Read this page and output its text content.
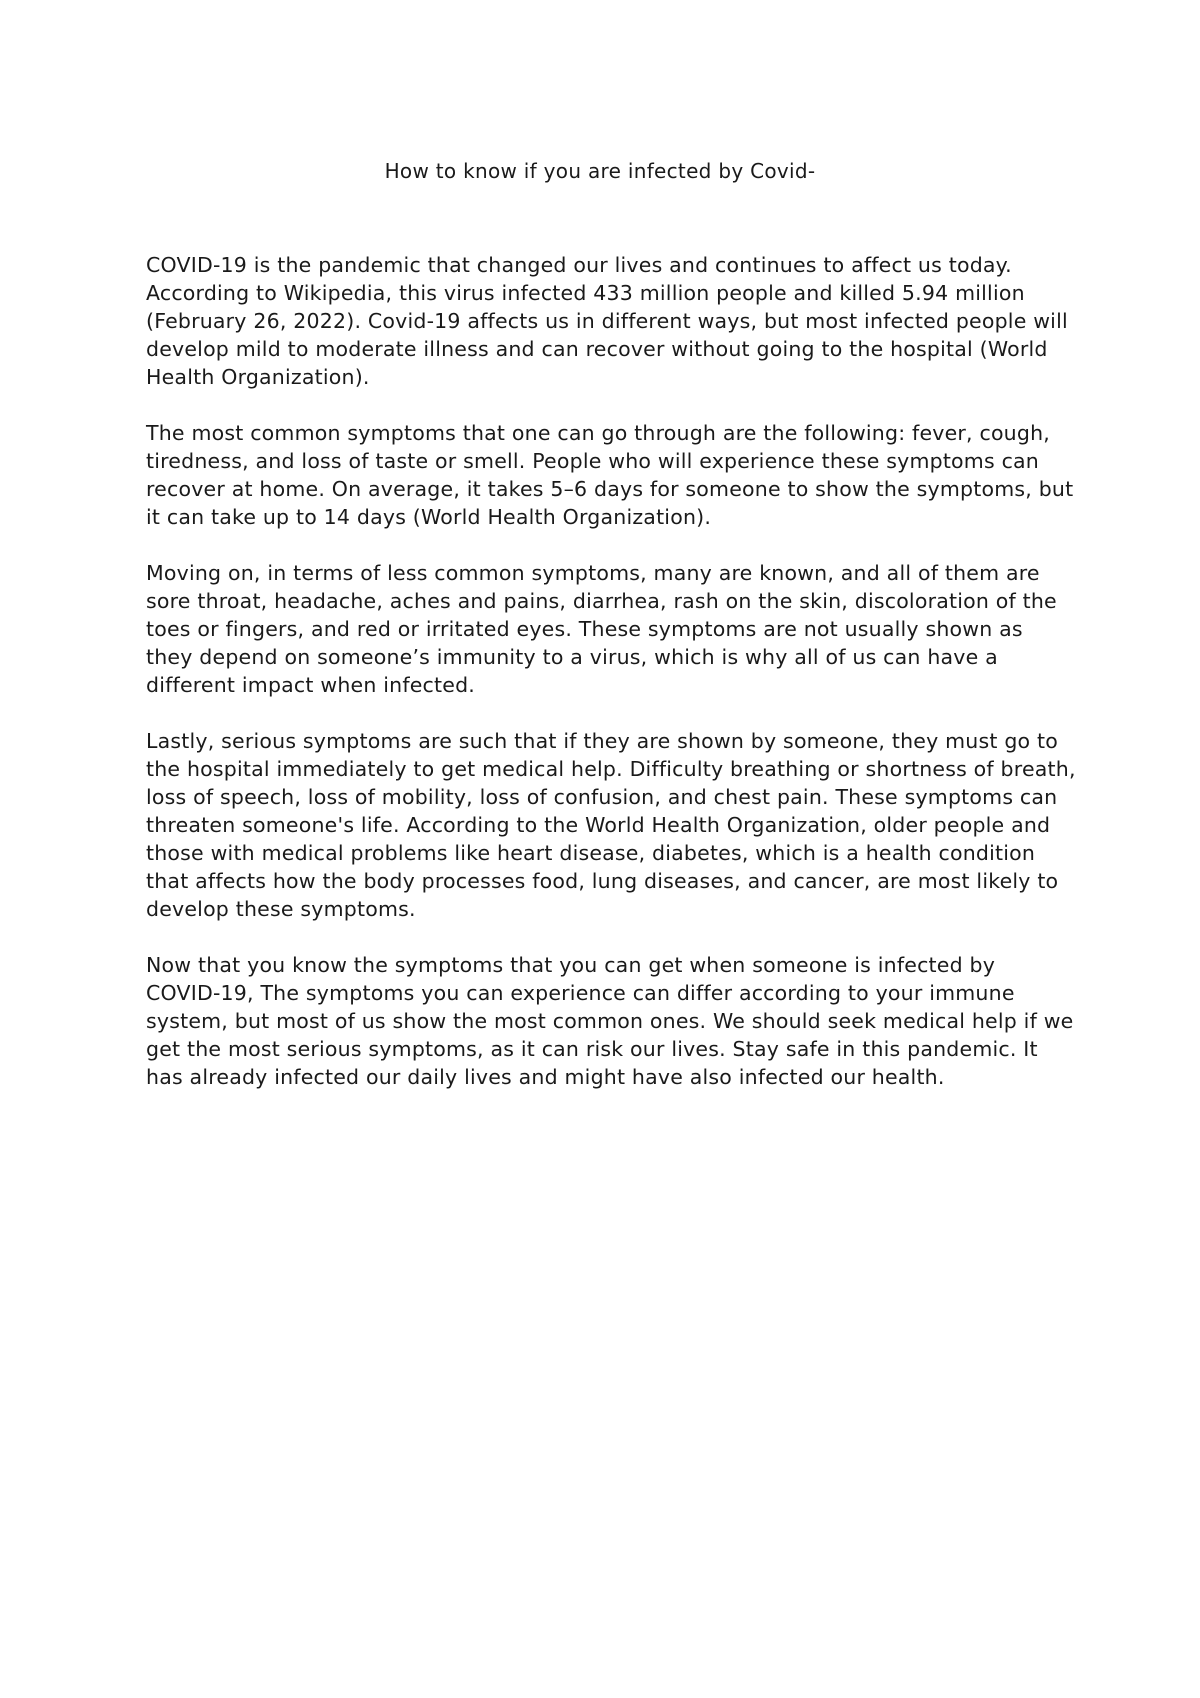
How to know if you are infected by Covid-

COVID-19 is the pandemic that changed our lives and continues to affect us today. According to Wikipedia, this virus infected 433 million people and killed 5.94 million (February 26, 2022). Covid-19 affects us in different ways, but most infected people will develop mild to moderate illness and can recover without going to the hospital (World Health Organization).

The most common symptoms that one can go through are the following: fever, cough, tiredness, and loss of taste or smell. People who will experience these symptoms can recover at home. On average, it takes 5–6 days for someone to show the symptoms, but it can take up to 14 days (World Health Organization).

Moving on, in terms of less common symptoms, many are known, and all of them are sore throat, headache, aches and pains, diarrhea, rash on the skin, discoloration of the toes or fingers, and red or irritated eyes. These symptoms are not usually shown as they depend on someone’s immunity to a virus, which is why all of us can have a different impact when infected.

Lastly, serious symptoms are such that if they are shown by someone, they must go to the hospital immediately to get medical help. Difficulty breathing or shortness of breath, loss of speech, loss of mobility, loss of confusion, and chest pain. These symptoms can threaten someone's life. According to the World Health Organization, older people and those with medical problems like heart disease, diabetes, which is a health condition that affects how the body processes food, lung diseases, and cancer, are most likely to develop these symptoms.

Now that you know the symptoms that you can get when someone is infected by COVID-19, The symptoms you can experience can differ according to your immune system, but most of us show the most common ones. We should seek medical help if we get the most serious symptoms, as it can risk our lives. Stay safe in this pandemic. It has already infected our daily lives and might have also infected our health.
